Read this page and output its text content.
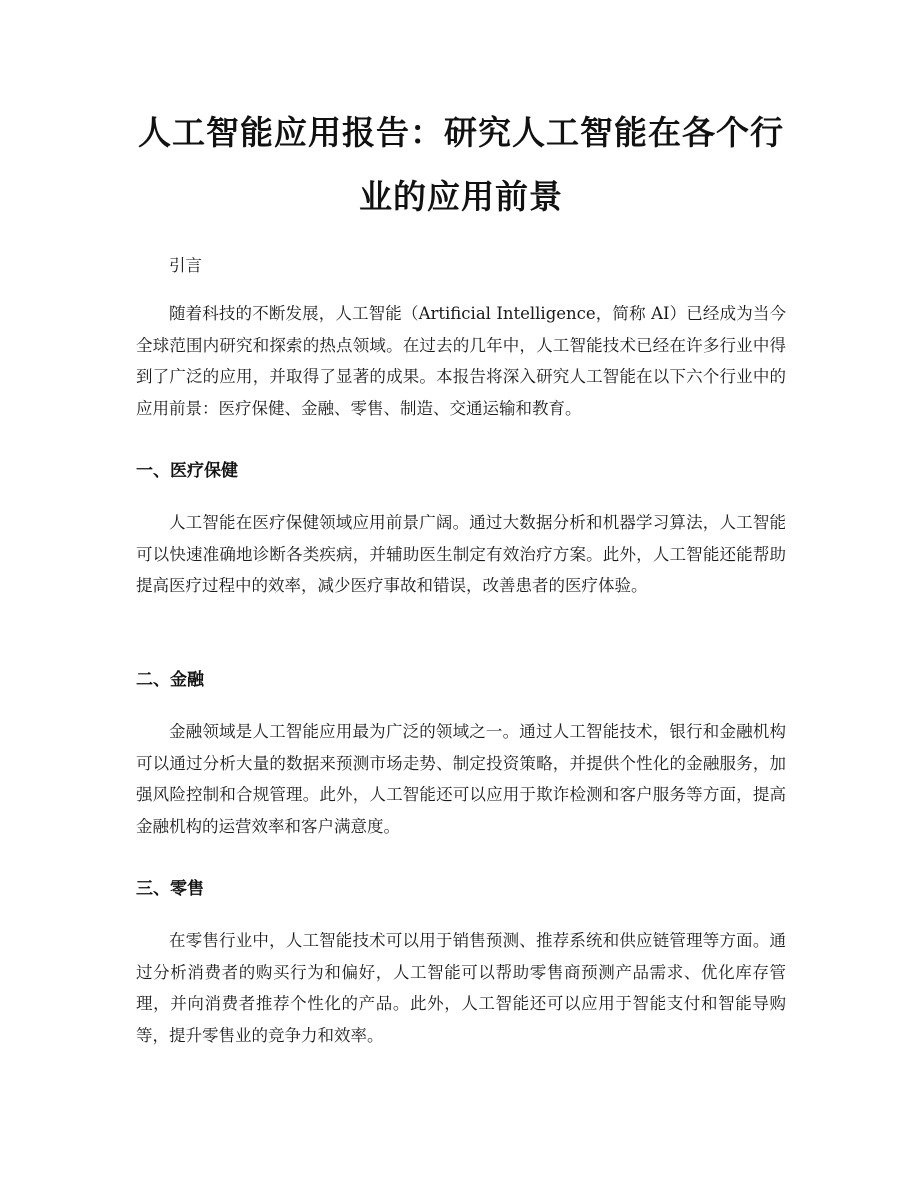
人工智能应用报告：研究人工智能在各个行业的应用前景

引言

随着科技的不断发展，人工智能（Artificial Intelligence，简称 AI）已经成为当今全球范围内研究和探索的热点领域。在过去的几年中，人工智能技术已经在许多行业中得到了广泛的应用，并取得了显著的成果。本报告将深入研究人工智能在以下六个行业中的应用前景：医疗保健、金融、零售、制造、交通运输和教育。

一、医疗保健

人工智能在医疗保健领域应用前景广阔。通过大数据分析和机器学习算法，人工智能可以快速准确地诊断各类疾病，并辅助医生制定有效治疗方案。此外，人工智能还能帮助提高医疗过程中的效率，减少医疗事故和错误，改善患者的医疗体验。

二、金融

金融领域是人工智能应用最为广泛的领域之一。通过人工智能技术，银行和金融机构可以通过分析大量的数据来预测市场走势、制定投资策略，并提供个性化的金融服务，加强风险控制和合规管理。此外，人工智能还可以应用于欺诈检测和客户服务等方面，提高金融机构的运营效率和客户满意度。

三、零售

在零售行业中，人工智能技术可以用于销售预测、推荐系统和供应链管理等方面。通过分析消费者的购买行为和偏好，人工智能可以帮助零售商预测产品需求、优化库存管理，并向消费者推荐个性化的产品。此外，人工智能还可以应用于智能支付和智能导购等，提升零售业的竞争力和效率。
